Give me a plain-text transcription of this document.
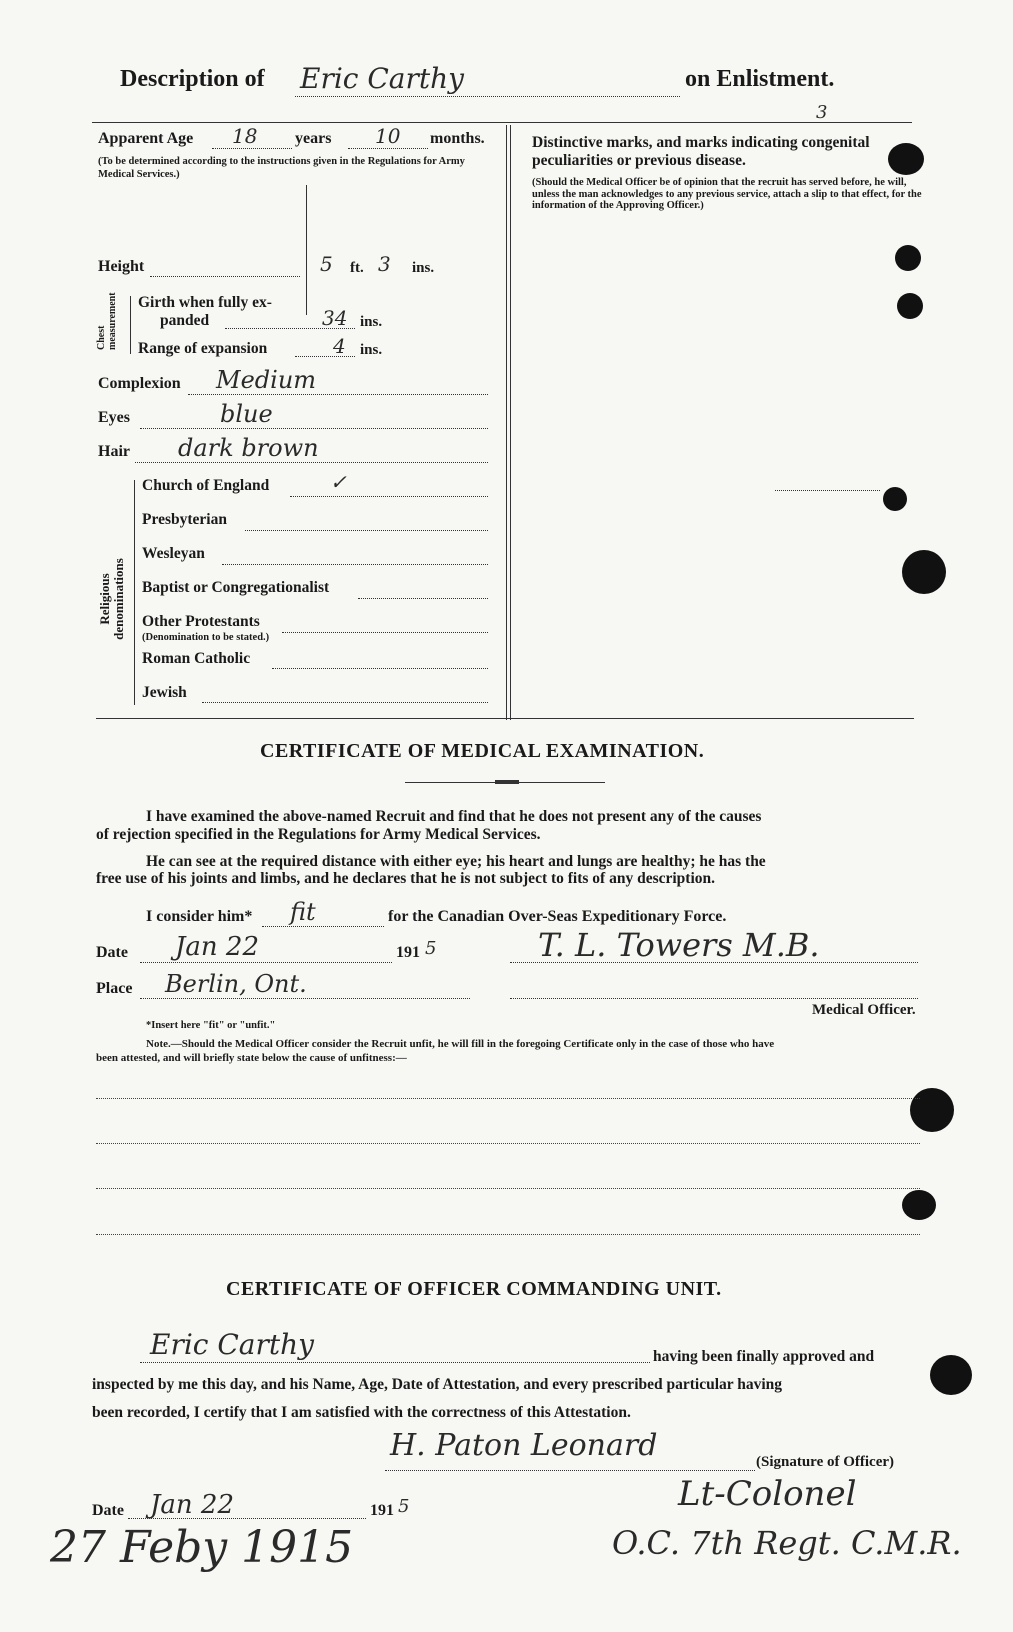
Description of Eric Carthy	on Enlistment.
3
Apparent Age 18 years 10 months.
(To be determined according to the instructions given in the Regulations for Army Medical Services.)
Height	5 ft. 3 ins.
Chest measurement Girth when fully ex-
panded	34 ins.
Range of expansion	4 ins.
Complexion Medium
Eyes	blue
Hair dark brown
Religious denominations
Church of England	✓
Presbyterian
Wesleyan
Baptist or Congregationalist
Other Protestants
(Denomination to be stated.)
Roman Catholic
Jewish
Distinctive marks, and marks indicating congenital
peculiarities or previous disease.
(Should the Medical Officer be of opinion that the recruit has served before, he will, unless the man acknowledges to any previous service, attach a slip to that effect, for the information of the Approving Officer.)
CERTIFICATE OF MEDICAL EXAMINATION.
I have examined the above-named Recruit and find that he does not present any of the causes
of rejection specified in the Regulations for Army Medical Services.
He can see at the required distance with either eye; his heart and lungs are healthy; he has the
free use of his joints and limbs, and he declares that he is not subject to fits of any description.
I consider him* fit	for the Canadian Over-Seas Expeditionary Force.
Date Jan 22	191 5	T. L. Towers M.B.
Place Berlin, Ont.
Medical Officer.
*Insert here "fit" or "unfit."
Note.—Should the Medical Officer consider the Recruit unfit, he will fill in the foregoing Certificate only in the case of those who have
been attested, and will briefly state below the cause of unfitness:—
CERTIFICATE OF OFFICER COMMANDING UNIT.
Eric Carthy	having been finally approved and
inspected by me this day, and his Name, Age, Date of Attestation, and every prescribed particular having
been recorded, I certify that I am satisfied with the correctness of this Attestation.
H. Paton Leonard	(Signature of Officer)
Lt-Colonel
O.C. 7th Regt. C.M.R.
Date Jan 22	191 5
27 Feby 1915
